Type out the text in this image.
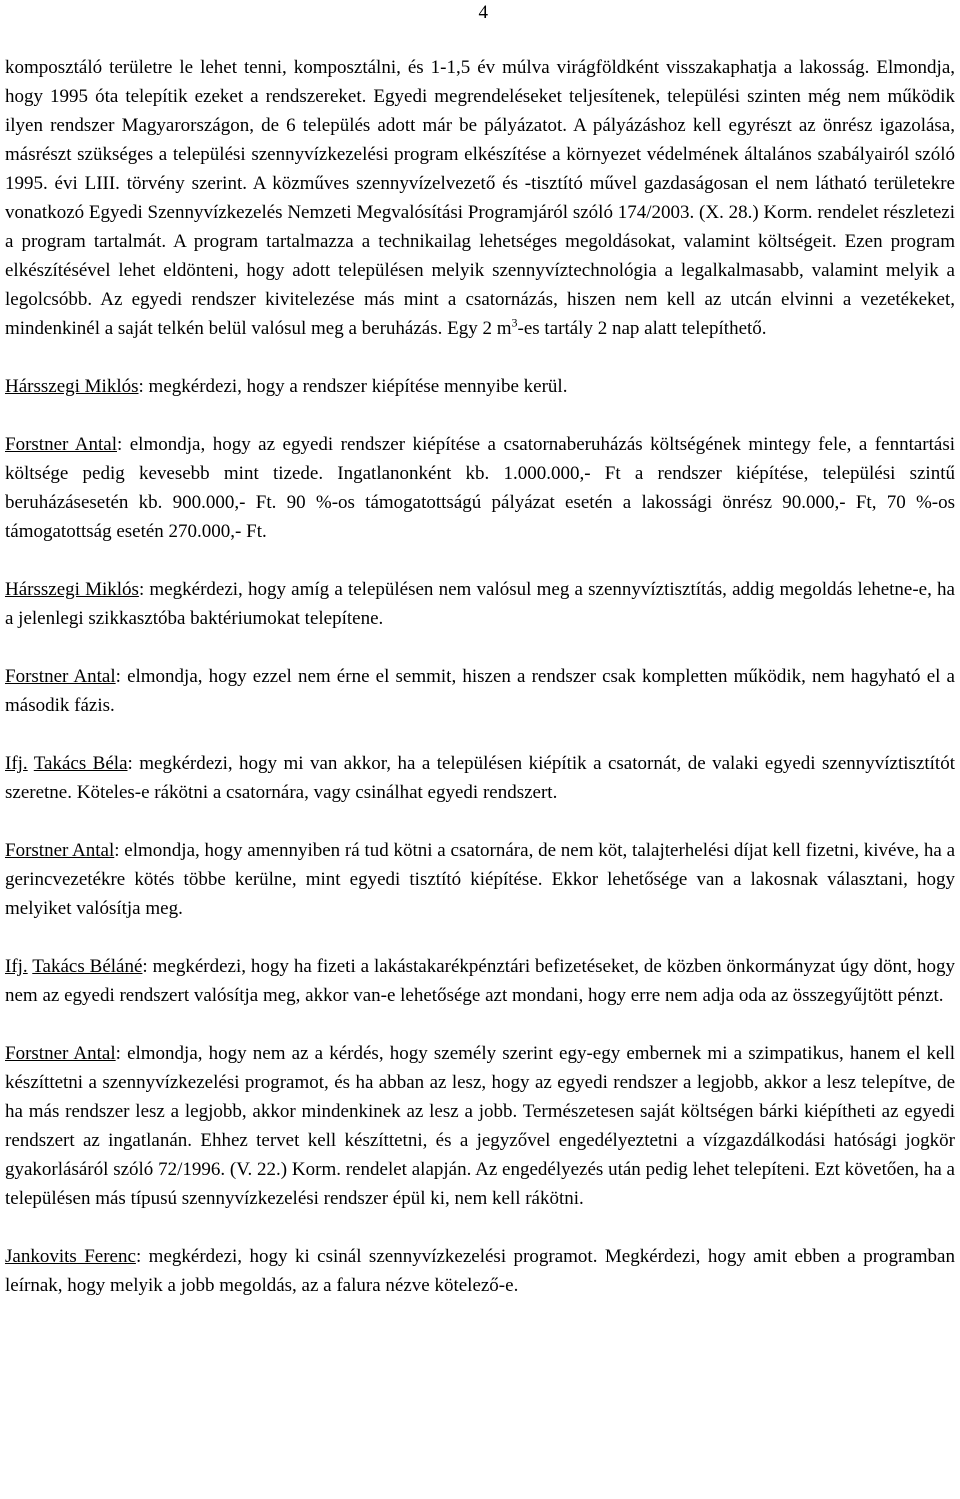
4

komposztáló területre le lehet tenni, komposztálni, és 1-1,5 év múlva virágföldként visszakaphatja a lakosság. Elmondja, hogy 1995 óta telepítik ezeket a rendszereket. Egyedi megrendeléseket teljesítenek, települési szinten még nem működik ilyen rendszer Magyarországon, de 6 település adott már be pályázatot. A pályázáshoz kell egyrészt az önrész igazolása, másrészt szükséges a települési szennyvízkezelési program elkészítése a környezet védelmének általános szabályairól szóló 1995. évi LIII. törvény szerint. A közműves szennyvízelvezető és -tisztító művel gazdaságosan el nem látható területekre vonatkozó Egyedi Szennyvízkezelés Nemzeti Megvalósítási Programjáról szóló 174/2003. (X. 28.) Korm. rendelet részletezi a program tartalmát. A program tartalmazza a technikailag lehetséges megoldásokat, valamint költségeit. Ezen program elkészítésével lehet eldönteni, hogy adott településen melyik szennyvíztechnológia a legalkalmasabb, valamint melyik a legolcsóbb. Az egyedi rendszer kivitelezése más mint a csatornázás, hiszen nem kell az utcán elvinni a vezetékeket, mindenkinél a saját telkén belül valósul meg a beruházás. Egy 2 $m^3-es$ tartály 2 nap alatt telepíthető.

Hársszegi Miklós: megkérdezi, hogy a rendszer kiépítése mennyibe kerül.

Forstner Antal: elmondja, hogy az egyedi rendszer kiépítése a csatornaberuházás költségének mintegy fele, a fenntartási költsége pedig kevesebb mint tizede. Ingatlanonként kb. 1.000.000,- Ft a rendszer kiépítése, települési szintű beruházásesetén kb. 900.000,- Ft. 90 %-os támogatottságú pályázat esetén a lakossági önrész 90.000,- Ft, 70 %-os támogatottság esetén 270.000,- Ft.

Hársszegi Miklós: megkérdezi, hogy amíg a településen nem valósul meg a szennyvíztisztítás, addig megoldás lehetne-e, ha a jelenlegi szikkasztóba baktériumokat telepítene.

Forstner Antal: elmondja, hogy ezzel nem érne el semmit, hiszen a rendszer csak kompletten működik, nem hagyható el a második fázis.

Ifj. Takács Béla: megkérdezi, hogy mi van akkor, ha a településen kiépítik a csatornát, de valaki egyedi szennyvíztisztítót szeretne. Köteles-e rákötni a csatornára, vagy csinálhat egyedi rendszert.

Forstner Antal: elmondja, hogy amennyiben rá tud kötni a csatornára, de nem köt, talajterhelési díjat kell fizetni, kivéve, ha a gerincvezetékre kötés többe kerülne, mint egyedi tisztító kiépítése. Ekkor lehetősége van a lakosnak választani, hogy melyiket valósítja meg.

Ifj. Takács Béláné: megkérdezi, hogy ha fizeti a lakástakarékpénztári befizetéseket, de közben önkormányzat úgy dönt, hogy nem az egyedi rendszert valósítja meg, akkor van-e lehetősége azt mondani, hogy erre nem adja oda az összegyűjtött pénzt.

Forstner Antal: elmondja, hogy nem az a kérdés, hogy személy szerint egy-egy embernek mi a szimpatikus, hanem el kell készíttetni a szennyvízkezelési programot, és ha abban az lesz, hogy az egyedi rendszer a legjobb, akkor a lesz telepítve, de ha más rendszer lesz a legjobb, akkor mindenkinek az lesz a jobb. Természetesen saját költségen bárki kiépítheti az egyedi rendszert az ingatlanán. Ehhez tervet kell készíttetni, és a jegyzővel engedélyeztetni a vízgazdálkodási hatósági jogkör gyakorlásáról szóló 72/1996. (V. 22.) Korm. rendelet alapján. Az engedélyezés után pedig lehet telepíteni. Ezt követően, ha a településen más típusú szennyvízkezelési rendszer épül ki, nem kell rákötni.

Jankovits Ferenc: megkérdezi, hogy ki csinál szennyvízkezelési programot. Megkérdezi, hogy amit ebben a programban leírnak, hogy melyik a jobb megoldás, az a falura nézve kötelező-e.
